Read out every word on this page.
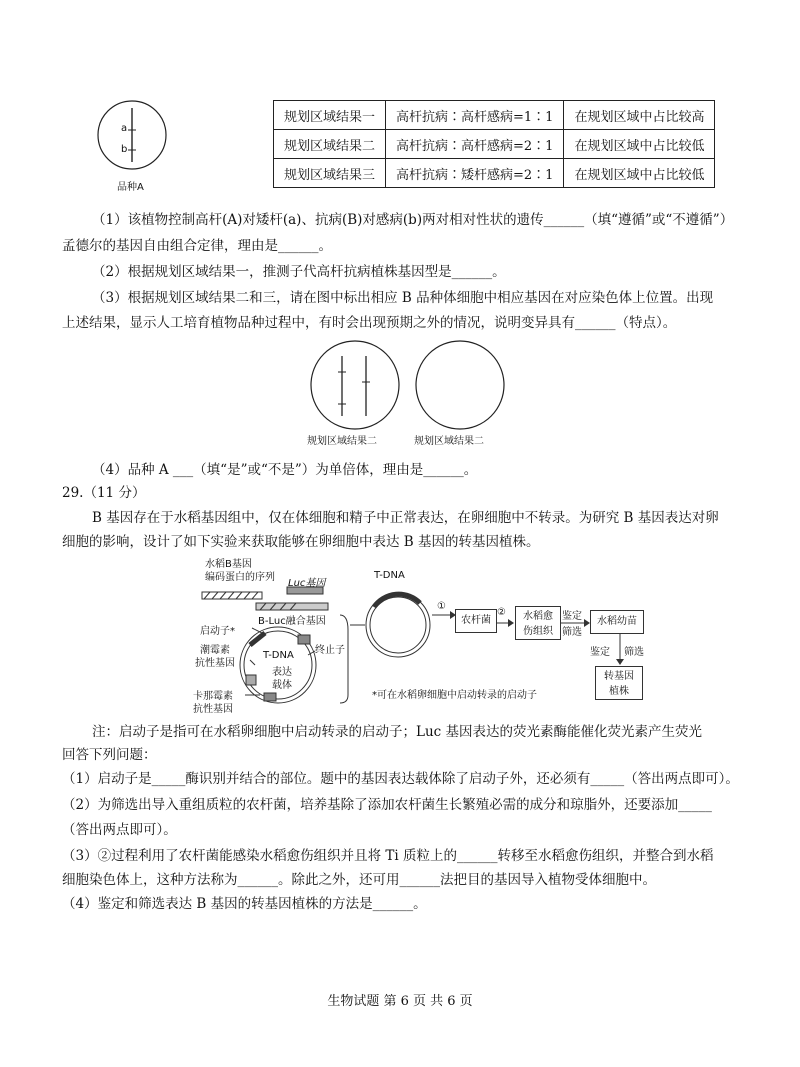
a
b
品种A
规划区域结果一	高杆抗病∶高杆感病=1∶1	在规划区域中占比较高
规划区域结果二	高杆抗病∶高杆感病=2∶1	在规划区域中占比较低
规划区域结果三	高杆抗病∶矮杆感病=2∶1	在规划区域中占比较低
（1）该植物控制高杆(A)对矮杆(a)、抗病(B)对感病(b)两对相对性状的遗传______（填“遵循”或“不遵循”）
孟德尔的基因自由组合定律，理由是______。
（2）根据规划区域结果一，推测子代高杆抗病植株基因型是______。
（3）根据规划区域结果二和三，请在图中标出相应 B 品种体细胞中相应基因在对应染色体上位置。出现
上述结果，显示人工培育植物品种过程中，有时会出现预期之外的情况，说明变异具有______（特点）。
规划区域结果二	规划区域结果二
（4）品种 A ___（填“是”或“不是”）为单倍体，理由是______。
29.（11 分）
B 基因存在于水稻基因组中，仅在体细胞和精子中正常表达，在卵细胞中不转录。为研究 B 基因表达对卵
细胞的影响，设计了如下实验来获取能够在卵细胞中表达 B 基因的转基因植株。
水稻B基因
编码蛋白的序列
Luc基因
B-Luc融合基因
启动子*
潮霉素
抗性基因
T-DNA
表达
载体
终止子
卡那霉素
抗性基因
T-DNA
①
②
农杆菌	水稻愈
伤组织
鉴定
筛选
水稻幼苗
鉴定 筛选
转基因
植株
*可在水稻卵细胞中启动转录的启动子
注：启动子是指可在水稻卵细胞中启动转录的启动子；Luc 基因表达的荧光素酶能催化荧光素产生荧光
回答下列问题：
（1）启动子是_____酶识别并结合的部位。题中的基因表达载体除了启动子外，还必须有_____（答出两点即可）。
（2）为筛选出导入重组质粒的农杆菌，培养基除了添加农杆菌生长繁殖必需的成分和琼脂外，还要添加_____
（答出两点即可）。
（3）②过程利用了农杆菌能感染水稻愈伤组织并且将 Ti 质粒上的______转移至水稻愈伤组织，并整合到水稻
细胞染色体上，这种方法称为______。除此之外，还可用______法把目的基因导入植物受体细胞中。
（4）鉴定和筛选表达 B 基因的转基因植株的方法是______。
生物试题 第 6 页 共 6 页
